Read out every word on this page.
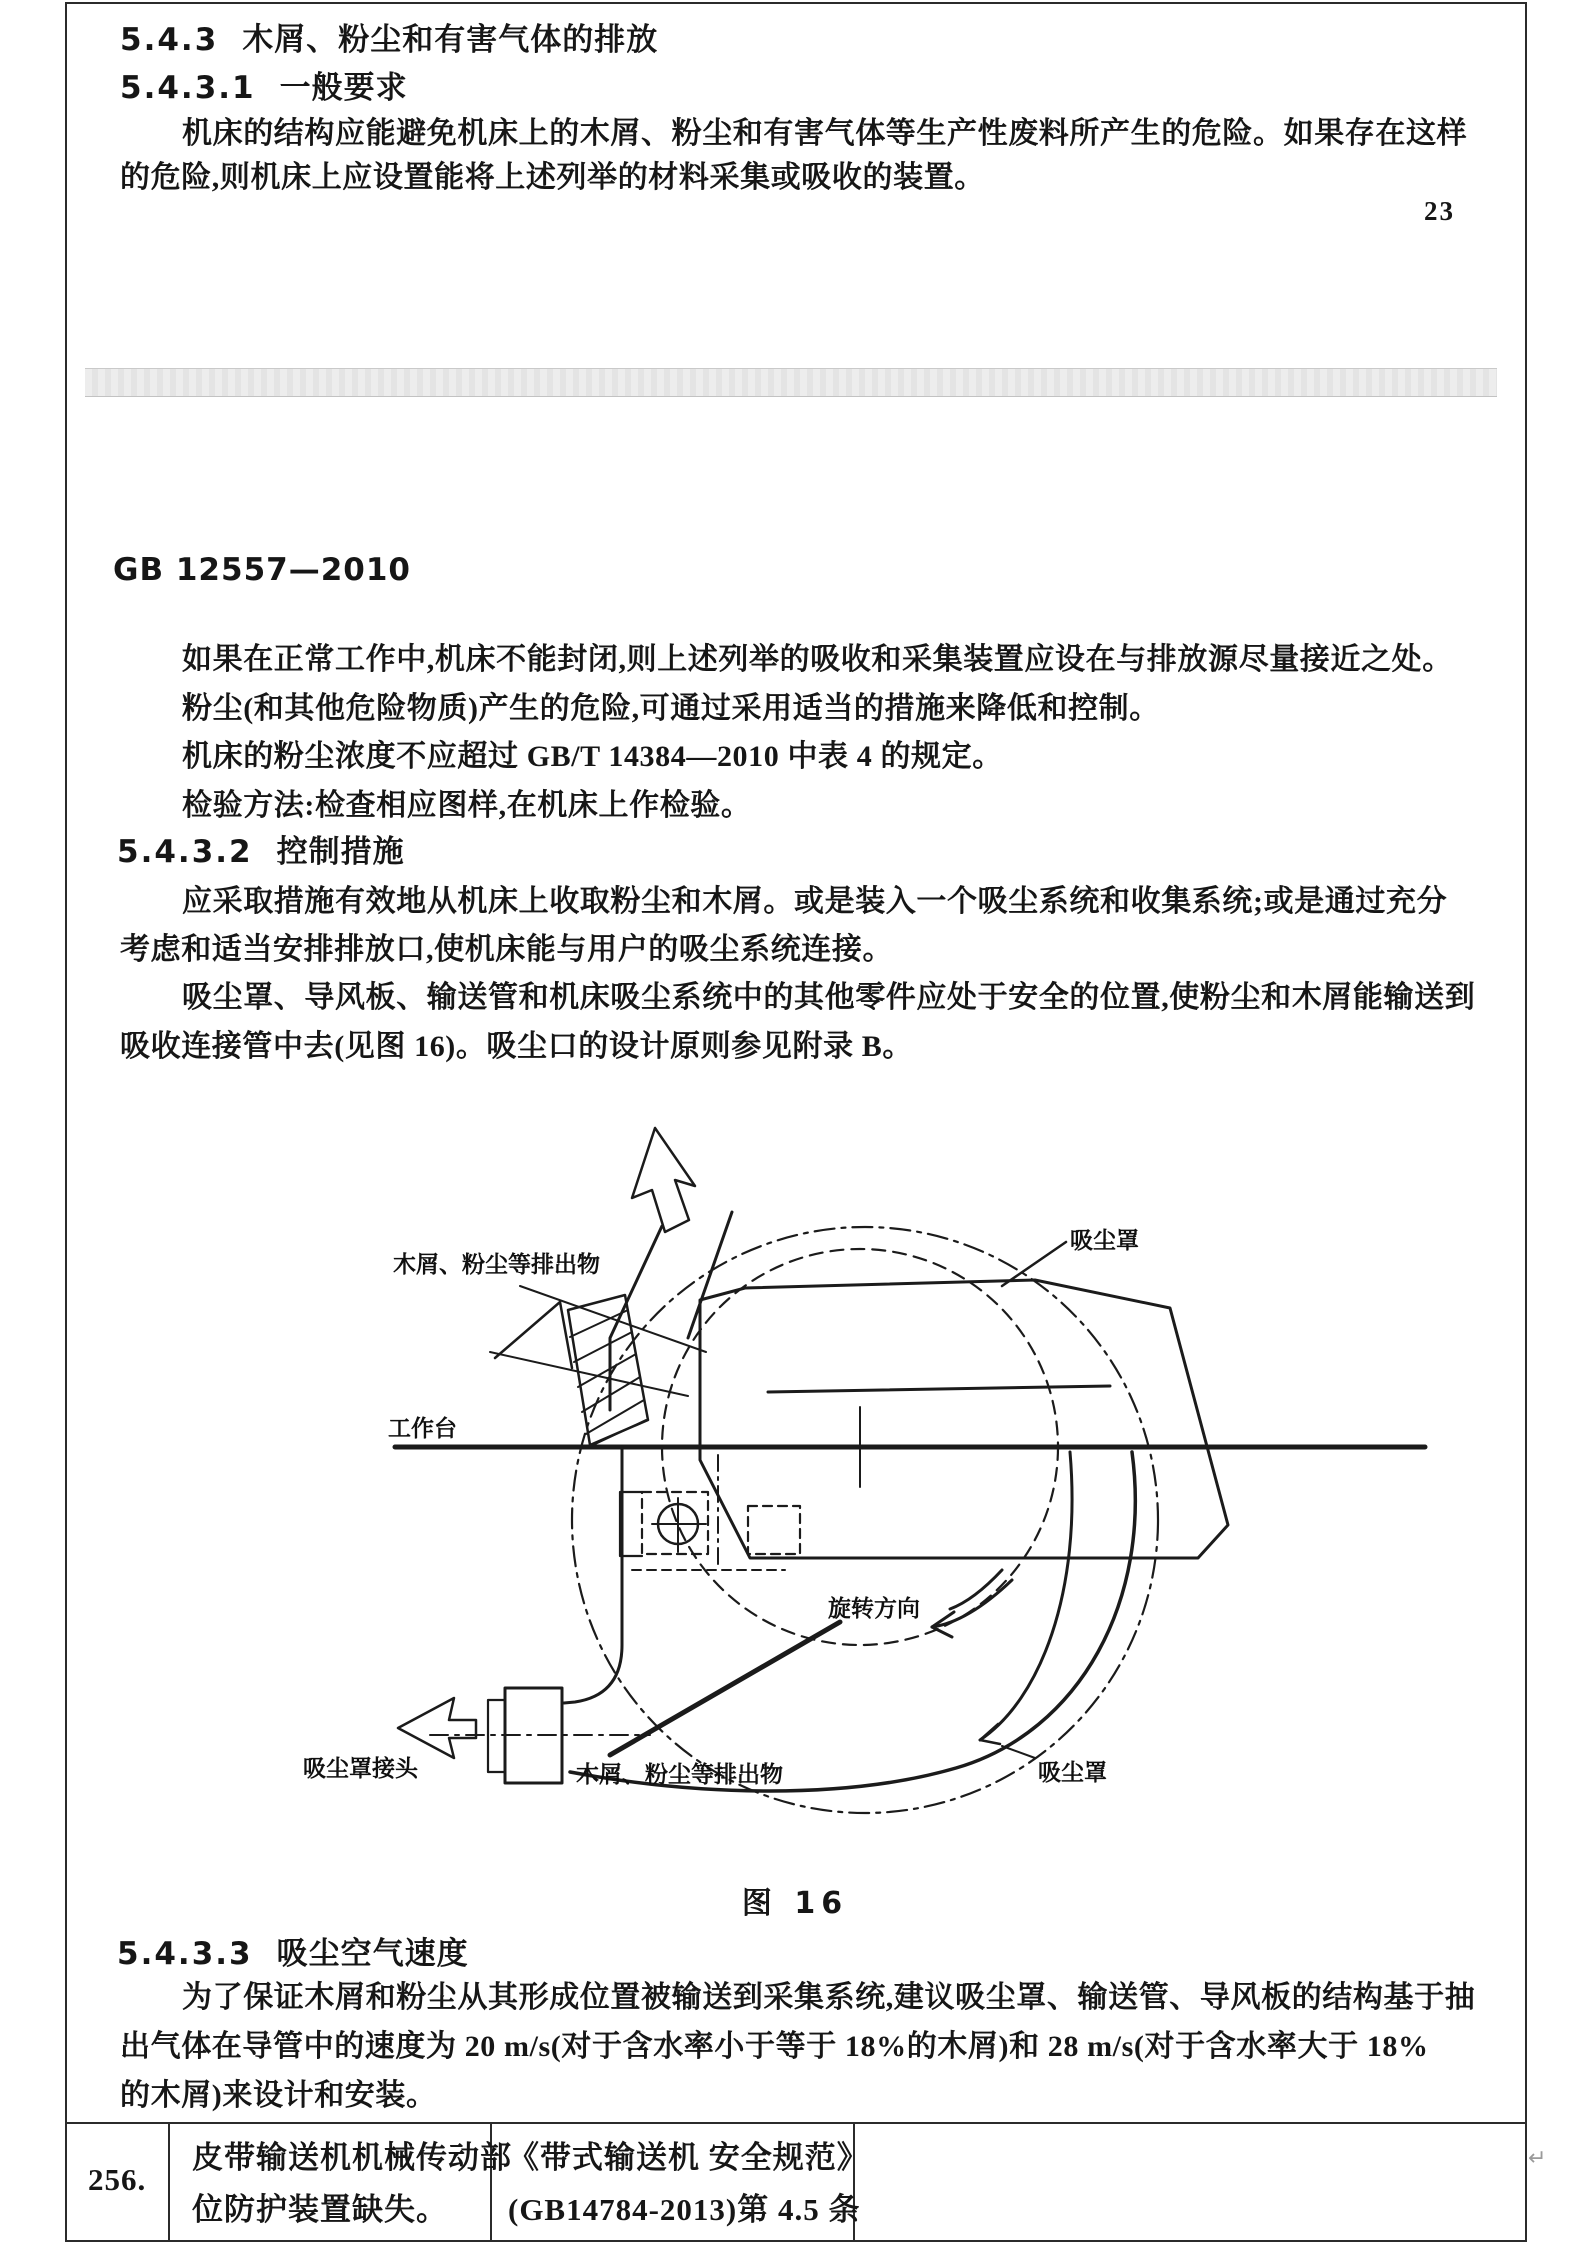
5.4.3 木屑、粉尘和有害气体的排放
5.4.3.1 一般要求
机床的结构应能避免机床上的木屑、粉尘和有害气体等生产性废料所产生的危险。如果存在这样
的危险,则机床上应设置能将上述列举的材料采集或吸收的装置。
23
GB 12557—2010
如果在正常工作中,机床不能封闭,则上述列举的吸收和采集装置应设在与排放源尽量接近之处。
粉尘(和其他危险物质)产生的危险,可通过采用适当的措施来降低和控制。
机床的粉尘浓度不应超过 GB/T 14384—2010 中表 4 的规定。
检验方法:检查相应图样,在机床上作检验。
5.4.3.2 控制措施
应采取措施有效地从机床上收取粉尘和木屑。或是装入一个吸尘系统和收集系统;或是通过充分
考虑和适当安排排放口,使机床能与用户的吸尘系统连接。
吸尘罩、导风板、输送管和机床吸尘系统中的其他零件应处于安全的位置,使粉尘和木屑能输送到
吸收连接管中去(见图 16)。吸尘口的设计原则参见附录 B。
木屑、粉尘等排出物
吸尘罩
工作台
旋转方向
吸尘罩接头	木屑、粉尘等排出物	吸尘罩
图 16
5.4.3.3 吸尘空气速度
为了保证木屑和粉尘从其形成位置被输送到采集系统,建议吸尘罩、输送管、导风板的结构基于抽
出气体在导管中的速度为 20 m/s(对于含水率小于等于 18%的木屑)和 28 m/s(对于含水率大于 18%
的木屑)来设计和安装。
256.
皮带输送机机械传动部
位防护装置缺失。
《带式输送机 安全规范》
(GB14784-2013)第 4.5 条
↵
